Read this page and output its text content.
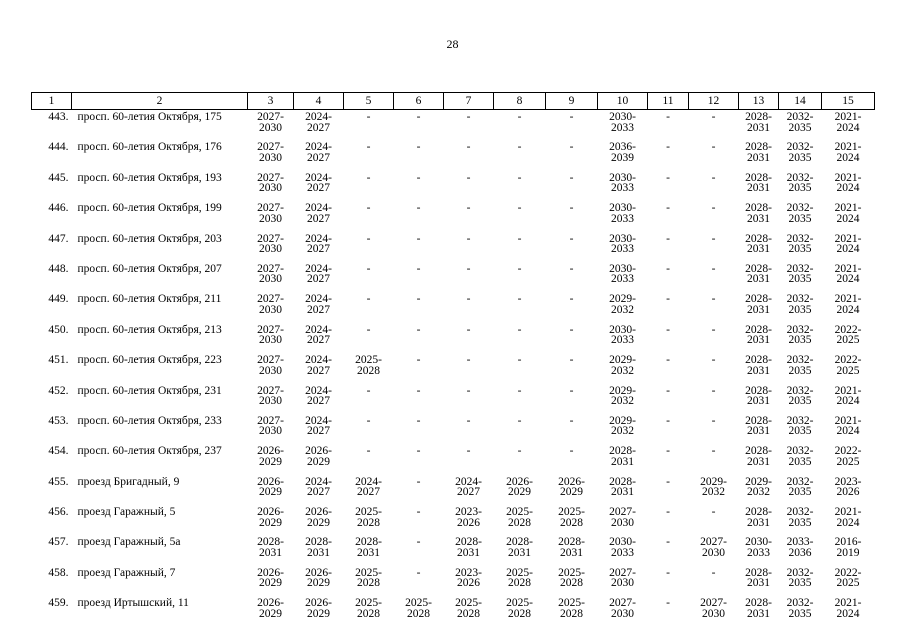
28
1	2	3	4	5	6	7	8	9	10	11	12	13	14	15

443.	просп. 60-летия Октября, 175	2027-
2030	2024-
2027	-	-	-	-	-	2030-
2033	-	-	2028-
2031	2032-
2035	2021-
2024

444.	просп. 60-летия Октября, 176	2027-
2030	2024-
2027	-	-	-	-	-	2036-
2039	-	-	2028-
2031	2032-
2035	2021-
2024

445.	просп. 60-летия Октября, 193	2027-
2030	2024-
2027	-	-	-	-	-	2030-
2033	-	-	2028-
2031	2032-
2035	2021-
2024

446.	просп. 60-летия Октября, 199	2027-
2030	2024-
2027	-	-	-	-	-	2030-
2033	-	-	2028-
2031	2032-
2035	2021-
2024

447.	просп. 60-летия Октября, 203	2027-
2030	2024-
2027	-	-	-	-	-	2030-
2033	-	-	2028-
2031	2032-
2035	2021-
2024

448.	просп. 60-летия Октября, 207	2027-
2030	2024-
2027	-	-	-	-	-	2030-
2033	-	-	2028-
2031	2032-
2035	2021-
2024

449.	просп. 60-летия Октября, 211	2027-
2030	2024-
2027	-	-	-	-	-	2029-
2032	-	-	2028-
2031	2032-
2035	2021-
2024

450.	просп. 60-летия Октября, 213	2027-
2030	2024-
2027	-	-	-	-	-	2030-
2033	-	-	2028-
2031	2032-
2035	2022-
2025

451.	просп. 60-летия Октября, 223	2027-
2030	2024-
2027	2025-
2028	-	-	-	-	2029-
2032	-	-	2028-
2031	2032-
2035	2022-
2025

452.	просп. 60-летия Октября, 231	2027-
2030	2024-
2027	-	-	-	-	-	2029-
2032	-	-	2028-
2031	2032-
2035	2021-
2024

453.	просп. 60-летия Октября, 233	2027-
2030	2024-
2027	-	-	-	-	-	2029-
2032	-	-	2028-
2031	2032-
2035	2021-
2024

454.	просп. 60-летия Октября, 237	2026-
2029	2026-
2029	-	-	-	-	-	2028-
2031	-	-	2028-
2031	2032-
2035	2022-
2025

455.	проезд Бригадный, 9	2026-
2029	2024-
2027	2024-
2027	-	2024-
2027	2026-
2029	2026-
2029	2028-
2031	-	2029-
2032	2029-
2032	2032-
2035	2023-
2026

456.	проезд Гаражный, 5	2026-
2029	2026-
2029	2025-
2028	-	2023-
2026	2025-
2028	2025-
2028	2027-
2030	-	-	2028-
2031	2032-
2035	2021-
2024

457.	проезд Гаражный, 5а	2028-
2031	2028-
2031	2028-
2031	-	2028-
2031	2028-
2031	2028-
2031	2030-
2033	-	2027-
2030	2030-
2033	2033-
2036	2016-
2019

458.	проезд Гаражный, 7	2026-
2029	2026-
2029	2025-
2028	-	2023-
2026	2025-
2028	2025-
2028	2027-
2030	-	-	2028-
2031	2032-
2035	2022-
2025

459.	проезд Иртышский, 11	2026-
2029	2026-
2029	2025-
2028	2025-
2028	2025-
2028	2025-
2028	2025-
2028	2027-
2030	-	2027-
2030	2028-
2031	2032-
2035	2021-
2024
